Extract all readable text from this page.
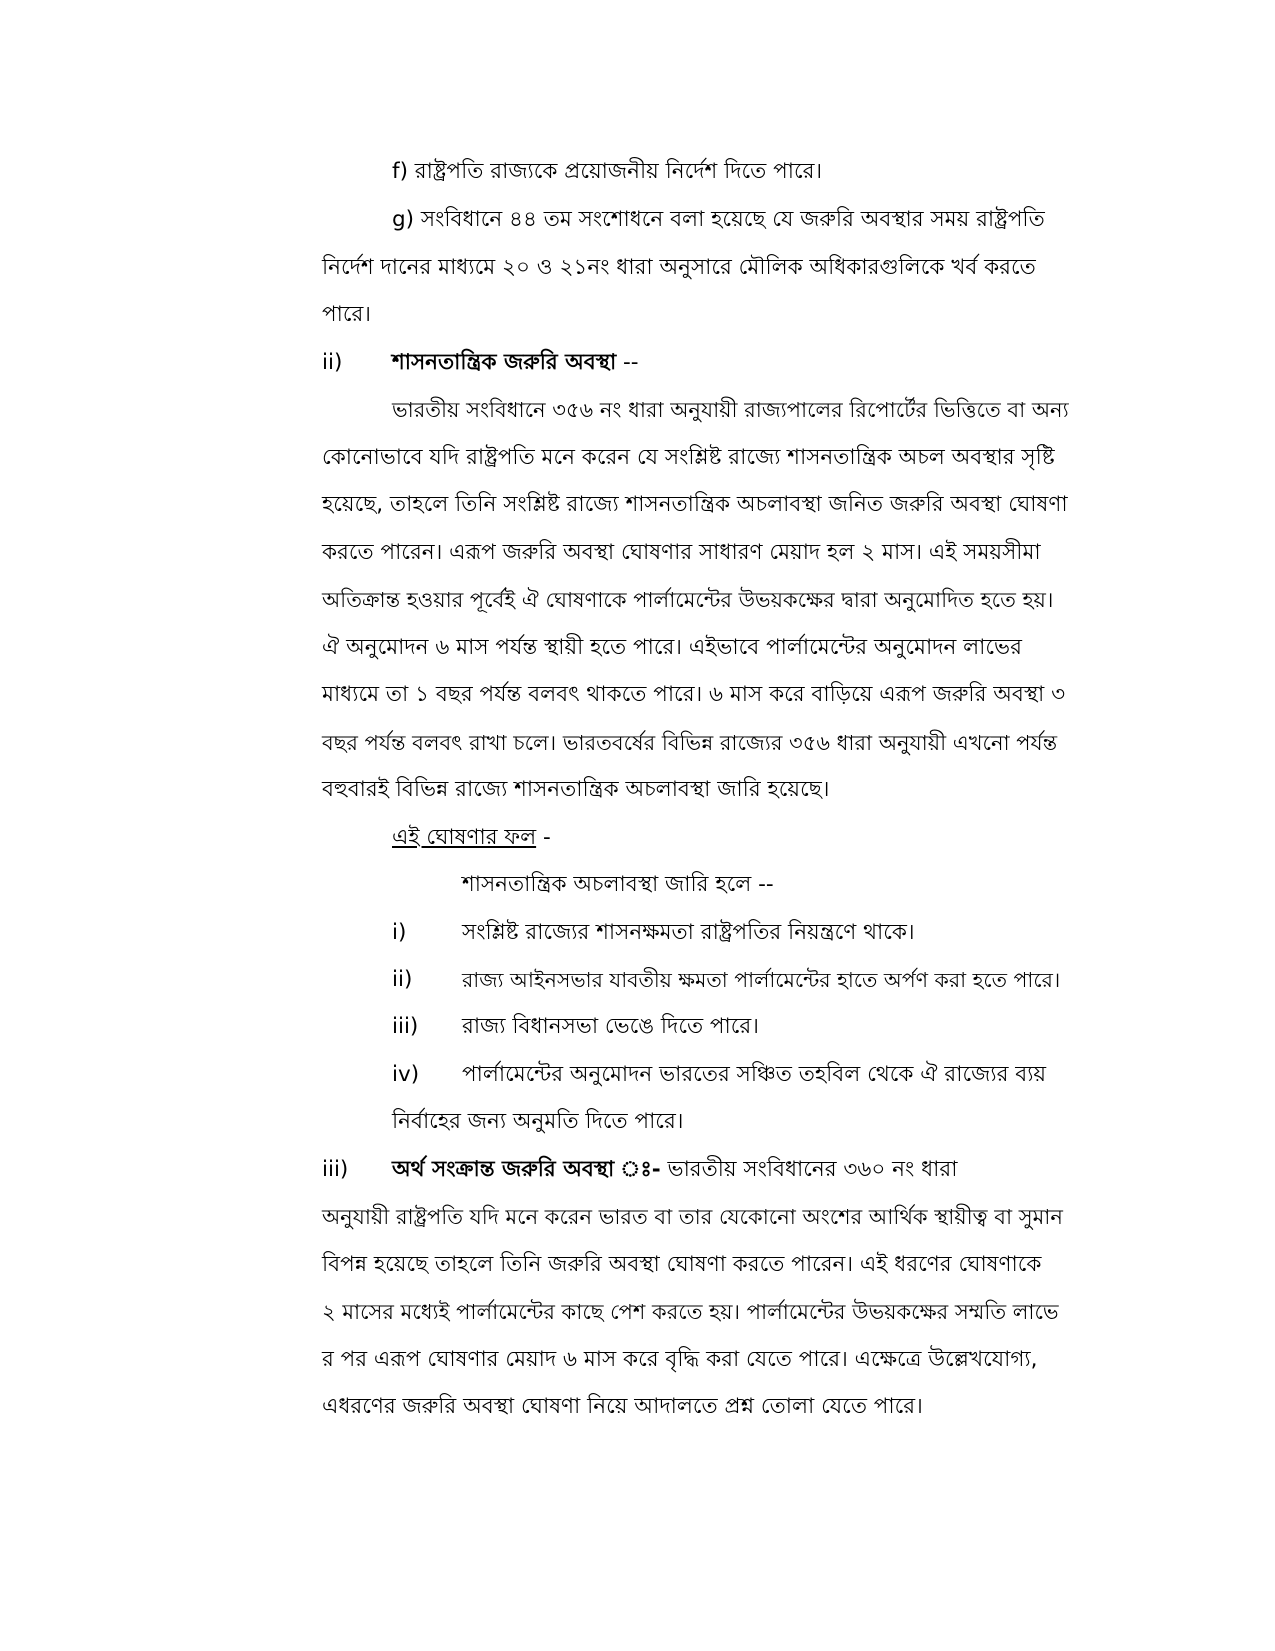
f) রাষ্ট্রপতি রাজ্যকে প্রয়োজনীয় নির্দেশ দিতে পারে।
g) সংবিধানে ৪৪ তম সংশোধনে বলা হয়েছে যে জরুরি অবস্থার সময় রাষ্ট্রপতি
নির্দেশ দানের মাধ্যমে ২০ ও ২১নং ধারা অনুসারে মৌলিক অধিকারগুলিকে খর্ব করতে
পারে।
ii) শাসনতান্ত্রিক জরুরি অবস্থা --
ভারতীয় সংবিধানে ৩৫৬ নং ধারা অনুযায়ী রাজ্যপালের রিপোর্টের ভিত্তিতে বা অন্য
কোনোভাবে যদি রাষ্ট্রপতি মনে করেন যে সংশ্লিষ্ট রাজ্যে শাসনতান্ত্রিক অচল অবস্থার সৃষ্টি
হয়েছে, তাহলে তিনি সংশ্লিষ্ট রাজ্যে শাসনতান্ত্রিক অচলাবস্থা জনিত জরুরি অবস্থা ঘোষণা
করতে পারেন। এরূপ জরুরি অবস্থা ঘোষণার সাধারণ মেয়াদ হল ২ মাস। এই সময়সীমা
অতিক্রান্ত হওয়ার পূর্বেই ঐ ঘোষণাকে পার্লামেন্টের উভয়কক্ষের দ্বারা অনুমোদিত হতে হয়।
ঐ অনুমোদন ৬ মাস পর্যন্ত স্থায়ী হতে পারে। এইভাবে পার্লামেন্টের অনুমোদন লাভের
মাধ্যমে তা ১ বছর পর্যন্ত বলবৎ থাকতে পারে। ৬ মাস করে বাড়িয়ে এরূপ জরুরি অবস্থা ৩
বছর পর্যন্ত বলবৎ রাখা চলে। ভারতবর্ষের বিভিন্ন রাজ্যের ৩৫৬ ধারা অনুযায়ী এখনো পর্যন্ত
বহুবারই বিভিন্ন রাজ্যে শাসনতান্ত্রিক অচলাবস্থা জারি হয়েছে।
এই ঘোষণার ফল -
শাসনতান্ত্রিক অচলাবস্থা জারি হলে --
i)	সংশ্লিষ্ট রাজ্যের শাসনক্ষমতা রাষ্ট্রপতির নিয়ন্ত্রণে থাকে।
ii) রাজ্য আইনসভার যাবতীয় ক্ষমতা পার্লামেন্টের হাতে অর্পণ করা হতে পারে।
iii) রাজ্য বিধানসভা ভেঙে দিতে পারে।
iv) পার্লামেন্টের অনুমোদন ভারতের সঞ্চিত তহবিল থেকে ঐ রাজ্যের ব্যয়
নির্বাহের জন্য অনুমতি দিতে পারে।
iii) অর্থ সংক্রান্ত জরুরি অবস্থা ঃ- ভারতীয় সংবিধানের ৩৬০ নং ধারা
অনুযায়ী রাষ্ট্রপতি যদি মনে করেন ভারত বা তার যেকোনো অংশের আর্থিক স্থায়ীত্ব বা সুমান
বিপন্ন হয়েছে তাহলে তিনি জরুরি অবস্থা ঘোষণা করতে পারেন। এই ধরণের ঘোষণাকে
২ মাসের মধ্যেই পার্লামেন্টের কাছে পেশ করতে হয়। পার্লামেন্টের উভয়কক্ষের সম্মতি লাভে
র পর এরূপ ঘোষণার মেয়াদ ৬ মাস করে বৃদ্ধি করা যেতে পারে। এক্ষেত্রে উল্লেখযোগ্য,
এধরণের জরুরি অবস্থা ঘোষণা নিয়ে আদালতে প্রশ্ন তোলা যেতে পারে।
